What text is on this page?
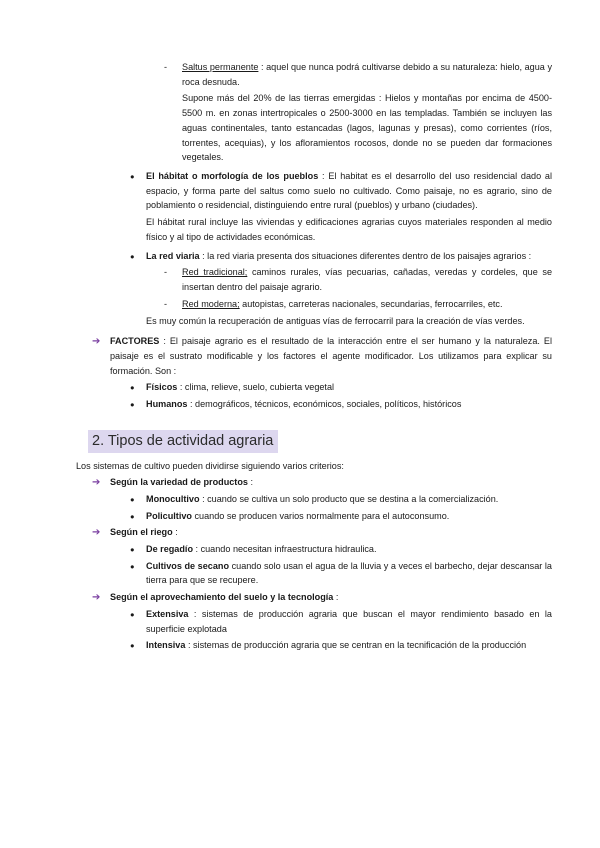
- Saltus permanente : aquel que nunca podrá cultivarse debido a su naturaleza: hielo, agua y roca desnuda.
Supone más del 20% de las tierras emergidas : Hielos y montañas por encima de 4500-5500 m. en zonas intertropicales o 2500-3000 en las templadas. También se incluyen las aguas continentales, tanto estancadas (lagos, lagunas y presas), como corrientes (ríos, torrentes, acequias), y los afloramientos rocosos, donde no se pueden dar formaciones vegetales.
● El hábitat o morfología de los pueblos : El habitat es el desarrollo del uso residencial dado al espacio, y forma parte del saltus como suelo no cultivado. Como paisaje, no es agrario, sino de poblamiento o residencial, distinguiendo entre rural (pueblos) y urbano (ciudades).
El hábitat rural incluye las viviendas y edificaciones agrarias cuyos materiales responden al medio físico y al tipo de actividades económicas.
● La red viaria : la red viaria presenta dos situaciones diferentes dentro de los paisajes agrarios :
- Red tradicional; caminos rurales, vías pecuarias, cañadas, veredas y cordeles, que se insertan dentro del paisaje agrario.
- Red moderna; autopistas, carreteras nacionales, secundarias, ferrocarriles, etc.
Es muy común la recuperación de antiguas vías de ferrocarril para la creación de vías verdes.
➔ FACTORES : El paisaje agrario es el resultado de la interacción entre el ser humano y la naturaleza. El paisaje es el sustrato modificable y los factores el agente modificador. Los utilizamos para explicar su formación. Son :
● Físicos : clima, relieve, suelo, cubierta vegetal
● Humanos : demográficos, técnicos, económicos, sociales, políticos, históricos
2. Tipos de actividad agraria
Los sistemas de cultivo pueden dividirse siguiendo varios criterios:
➔ Según la variedad de productos :
● Monocultivo : cuando se cultiva un solo producto que se destina a la comercialización.
● Policultivo cuando se producen varios normalmente para el autoconsumo.
➔ Según el riego :
● De regadío : cuando necesitan infraestructura hidraulica.
● Cultivos de secano cuando solo usan el agua de la lluvia y a veces el barbecho, dejar descansar la tierra para que se recupere.
➔ Según el aprovechamiento del suelo y la tecnología :
● Extensiva : sistemas de producción agraria que buscan el mayor rendimiento basado en la superficie explotada
● Intensiva : sistemas de producción agraria que se centran en la tecnificación de la producción
